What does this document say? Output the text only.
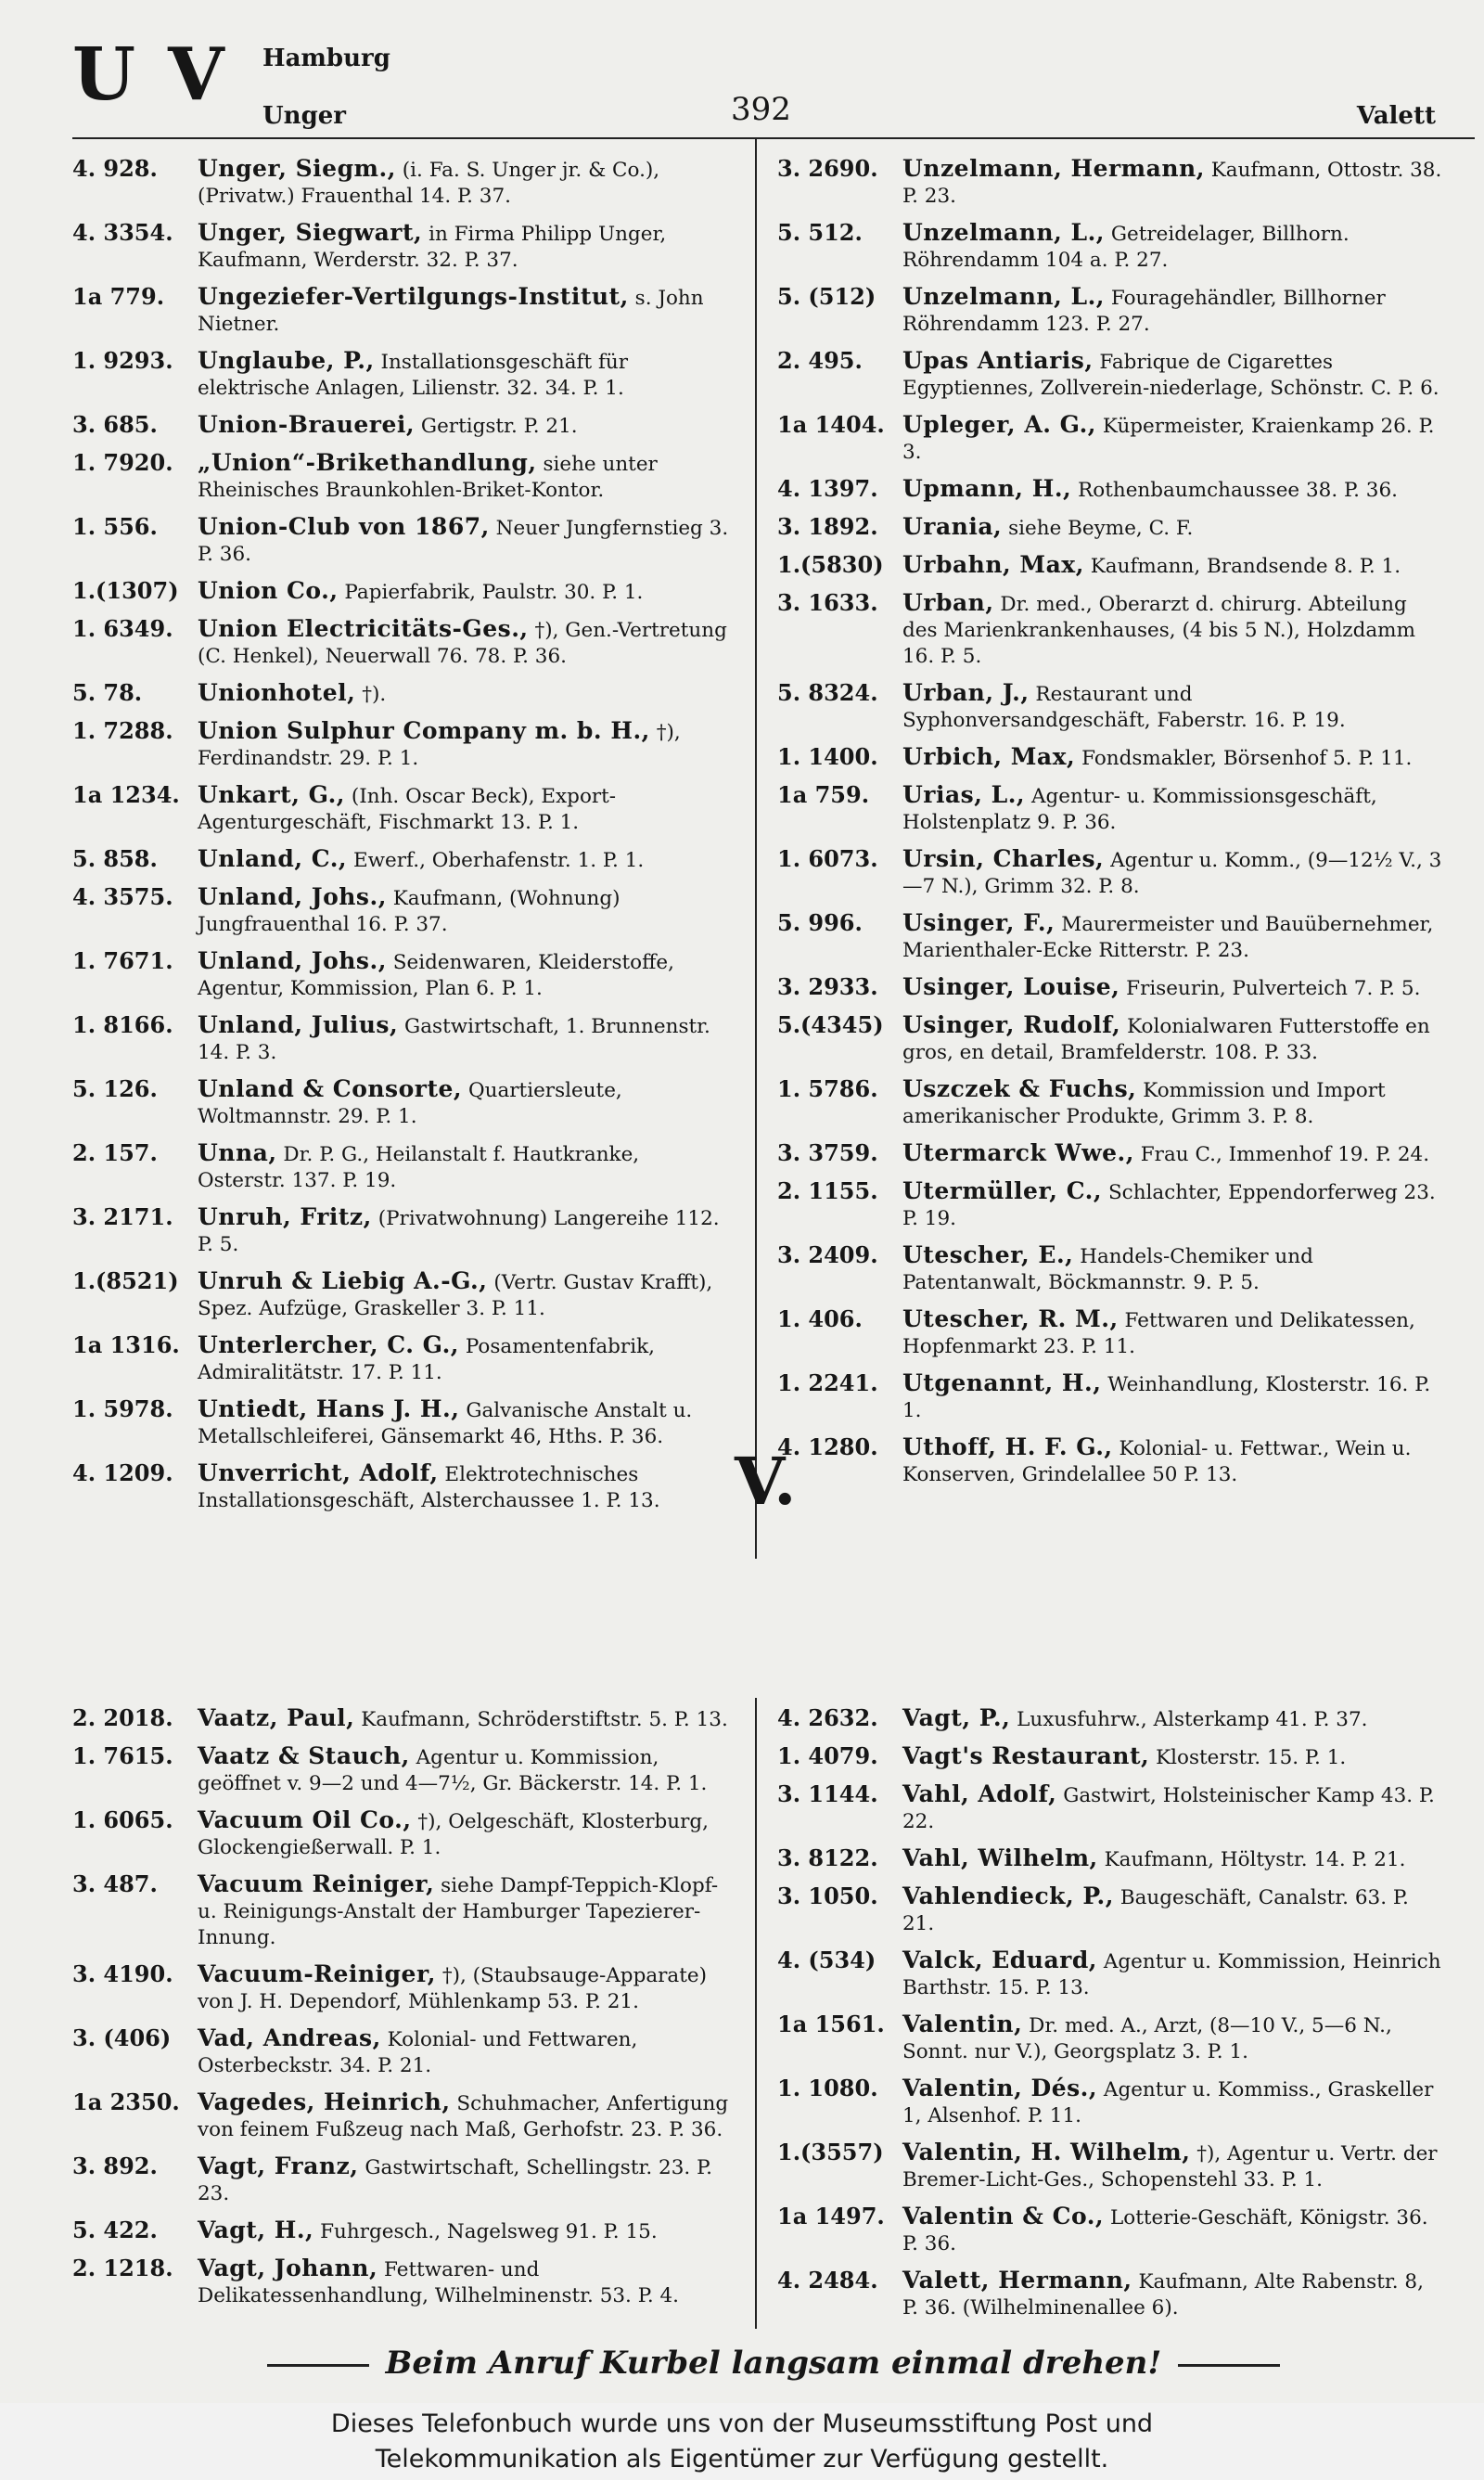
U V Hamburg
Unger	392	Valett
4. 928. Unger, Siegm., (i. Fa. S. Unger jr. & Co.), (Privatw.) Frauenthal 14. P. 37.
4. 3354. Unger, Siegwart, in Firma Philipp Unger, Kaufmann, Werderstr. 32. P. 37.
1a 779. Ungeziefer-Vertilgungs-Institut, s. John Nietner.
1. 9293. Unglaube, P., Installationsgeschäft für elektrische Anlagen, Lilienstr. 32. 34. P. 1.
3. 685. Union-Brauerei, Gertigstr. P. 21.
1. 7920. „Union“-Brikethandlung, siehe unter Rheinisches Braunkohlen-Briket-Kontor.
1. 556. Union-Club von 1867, Neuer Jungfernstieg 3. P. 36.
1.(1307) Union Co., Papierfabrik, Paulstr. 30. P. 1.
1. 6349. Union Electricitäts-Ges., †), Gen.-Vertretung (C. Henkel), Neuerwall 76. 78. P. 36.
5. 78. Unionhotel, †).
1. 7288. Union Sulphur Company m. b. H., †), Ferdinandstr. 29. P. 1.
1a 1234. Unkart, G., (Inh. Oscar Beck), Export-Agenturgeschäft, Fischmarkt 13. P. 1.
5. 858. Unland, C., Ewerf., Oberhafenstr. 1. P. 1.
4. 3575. Unland, Johs., Kaufmann, (Wohnung) Jungfrauenthal 16. P. 37.
1. 7671. Unland, Johs., Seidenwaren, Kleiderstoffe, Agentur, Kommission, Plan 6. P. 1.
1. 8166. Unland, Julius, Gastwirtschaft, 1. Brunnenstr. 14. P. 3.
5. 126. Unland & Consorte, Quartiersleute, Woltmannstr. 29. P. 1.
2. 157. Unna, Dr. P. G., Heilanstalt f. Hautkranke, Osterstr. 137. P. 19.
3. 2171. Unruh, Fritz, (Privatwohnung) Langereihe 112. P. 5.
1.(8521) Unruh & Liebig A.-G., (Vertr. Gustav Krafft), Spez. Aufzüge, Graskeller 3. P. 11.
1a 1316. Unterlercher, C. G., Posamentenfabrik, Admiralitätstr. 17. P. 11.
1. 5978. Untiedt, Hans J. H., Galvanische Anstalt u. Metallschleiferei, Gänsemarkt 46, Hths. P. 36.
4. 1209. Unverricht, Adolf, Elektrotechnisches Installationsgeschäft, Alsterchaussee 1. P. 13.
3. 2690. Unzelmann, Hermann, Kaufmann, Ottostr. 38. P. 23.
5. 512. Unzelmann, L., Getreidelager, Billhorn. Röhrendamm 104 a. P. 27.
5. (512) Unzelmann, L., Fouragehändler, Billhorner Röhrendamm 123. P. 27.
2. 495. Upas Antiaris, Fabrique de Cigarettes Egyptiennes, Zollverein-niederlage, Schönstr. C. P. 6.
1a 1404. Upleger, A. G., Küpermeister, Kraienkamp 26. P. 3.
4. 1397. Upmann, H., Rothenbaumchaussee 38. P. 36.
3. 1892. Urania, siehe Beyme, C. F.
1.(5830) Urbahn, Max, Kaufmann, Brandsende 8. P. 1.
3. 1633. Urban, Dr. med., Oberarzt d. chirurg. Abteilung des Marienkrankenhauses, (4 bis 5 N.), Holzdamm 16. P. 5.
5. 8324. Urban, J., Restaurant und Syphonversandgeschäft, Faberstr. 16. P. 19.
1. 1400. Urbich, Max, Fondsmakler, Börsenhof 5. P. 11.
1a 759. Urias, L., Agentur- u. Kommissionsgeschäft, Holstenplatz 9. P. 36.
1. 6073. Ursin, Charles, Agentur u. Komm., (9—12½ V., 3—7 N.), Grimm 32. P. 8.
5. 996. Usinger, F., Maurermeister und Bauübernehmer, Marienthaler-Ecke Ritterstr. P. 23.
3. 2933. Usinger, Louise, Friseurin, Pulverteich 7. P. 5.
5.(4345) Usinger, Rudolf, Kolonialwaren Futterstoffe en gros, en detail, Bramfelderstr. 108. P. 33.
1. 5786. Uszczek & Fuchs, Kommission und Import amerikanischer Produkte, Grimm 3. P. 8.
3. 3759. Utermarck Wwe., Frau C., Immenhof 19. P. 24.
2. 1155. Utermüller, C., Schlachter, Eppendorferweg 23. P. 19.
3. 2409. Utescher, E., Handels-Chemiker und Patentanwalt, Böckmannstr. 9. P. 5.
1. 406. Utescher, R. M., Fettwaren und Delikatessen, Hopfenmarkt 23. P. 11.
1. 2241. Utgenannt, H., Weinhandlung, Klosterstr. 16. P. 1.
4. 1280. Uthoff, H. F. G., Kolonial- u. Fettwar., Wein u. Konserven, Grindelallee 50 P. 13.
V.
2. 2018. Vaatz, Paul, Kaufmann, Schröderstiftstr. 5. P. 13.
1. 7615. Vaatz & Stauch, Agentur u. Kommission, geöffnet v. 9—2 und 4—7½, Gr. Bäckerstr. 14. P. 1.
1. 6065. Vacuum Oil Co., †), Oelgeschäft, Klosterburg, Glockengießerwall. P. 1.
3. 487. Vacuum Reiniger, siehe Dampf-Teppich-Klopf- u. Reinigungs-Anstalt der Hamburger Tapezierer-Innung.
3. 4190. Vacuum-Reiniger, †), (Staubsauge-Apparate) von J. H. Dependorf, Mühlenkamp 53. P. 21.
3. (406) Vad, Andreas, Kolonial- und Fettwaren, Osterbeckstr. 34. P. 21.
1a 2350. Vagedes, Heinrich, Schuhmacher, Anfertigung von feinem Fußzeug nach Maß, Gerhofstr. 23. P. 36.
3. 892. Vagt, Franz, Gastwirtschaft, Schellingstr. 23. P. 23.
5. 422. Vagt, H., Fuhrgesch., Nagelsweg 91. P. 15.
2. 1218. Vagt, Johann, Fettwaren- und Delikatessenhandlung, Wilhelminenstr. 53. P. 4.
4. 2632. Vagt, P., Luxusfuhrw., Alsterkamp 41. P. 37.
1. 4079. Vagt's Restaurant, Klosterstr. 15. P. 1.
3. 1144. Vahl, Adolf, Gastwirt, Holsteinischer Kamp 43. P. 22.
3. 8122. Vahl, Wilhelm, Kaufmann, Höltystr. 14. P. 21.
3. 1050. Vahlendieck, P., Baugeschäft, Canalstr. 63. P. 21.
4. (534) Valck, Eduard, Agentur u. Kommission, Heinrich Barthstr. 15. P. 13.
1a 1561. Valentin, Dr. med. A., Arzt, (8—10 V., 5—6 N., Sonnt. nur V.), Georgsplatz 3. P. 1.
1. 1080. Valentin, Dés., Agentur u. Kommiss., Graskeller 1, Alsenhof. P. 11.
1.(3557) Valentin, H. Wilhelm, †), Agentur u. Vertr. der Bremer-Licht-Ges., Schopenstehl 33. P. 1.
1a 1497. Valentin & Co., Lotterie-Geschäft, Königstr. 36. P. 36.
4. 2484. Valett, Hermann, Kaufmann, Alte Rabenstr. 8, P. 36. (Wilhelminenallee 6).
Beim Anruf Kurbel langsam einmal drehen!
Dieses Telefonbuch wurde uns von der Museumsstiftung Post und
Telekommunikation als Eigentümer zur Verfügung gestellt.
